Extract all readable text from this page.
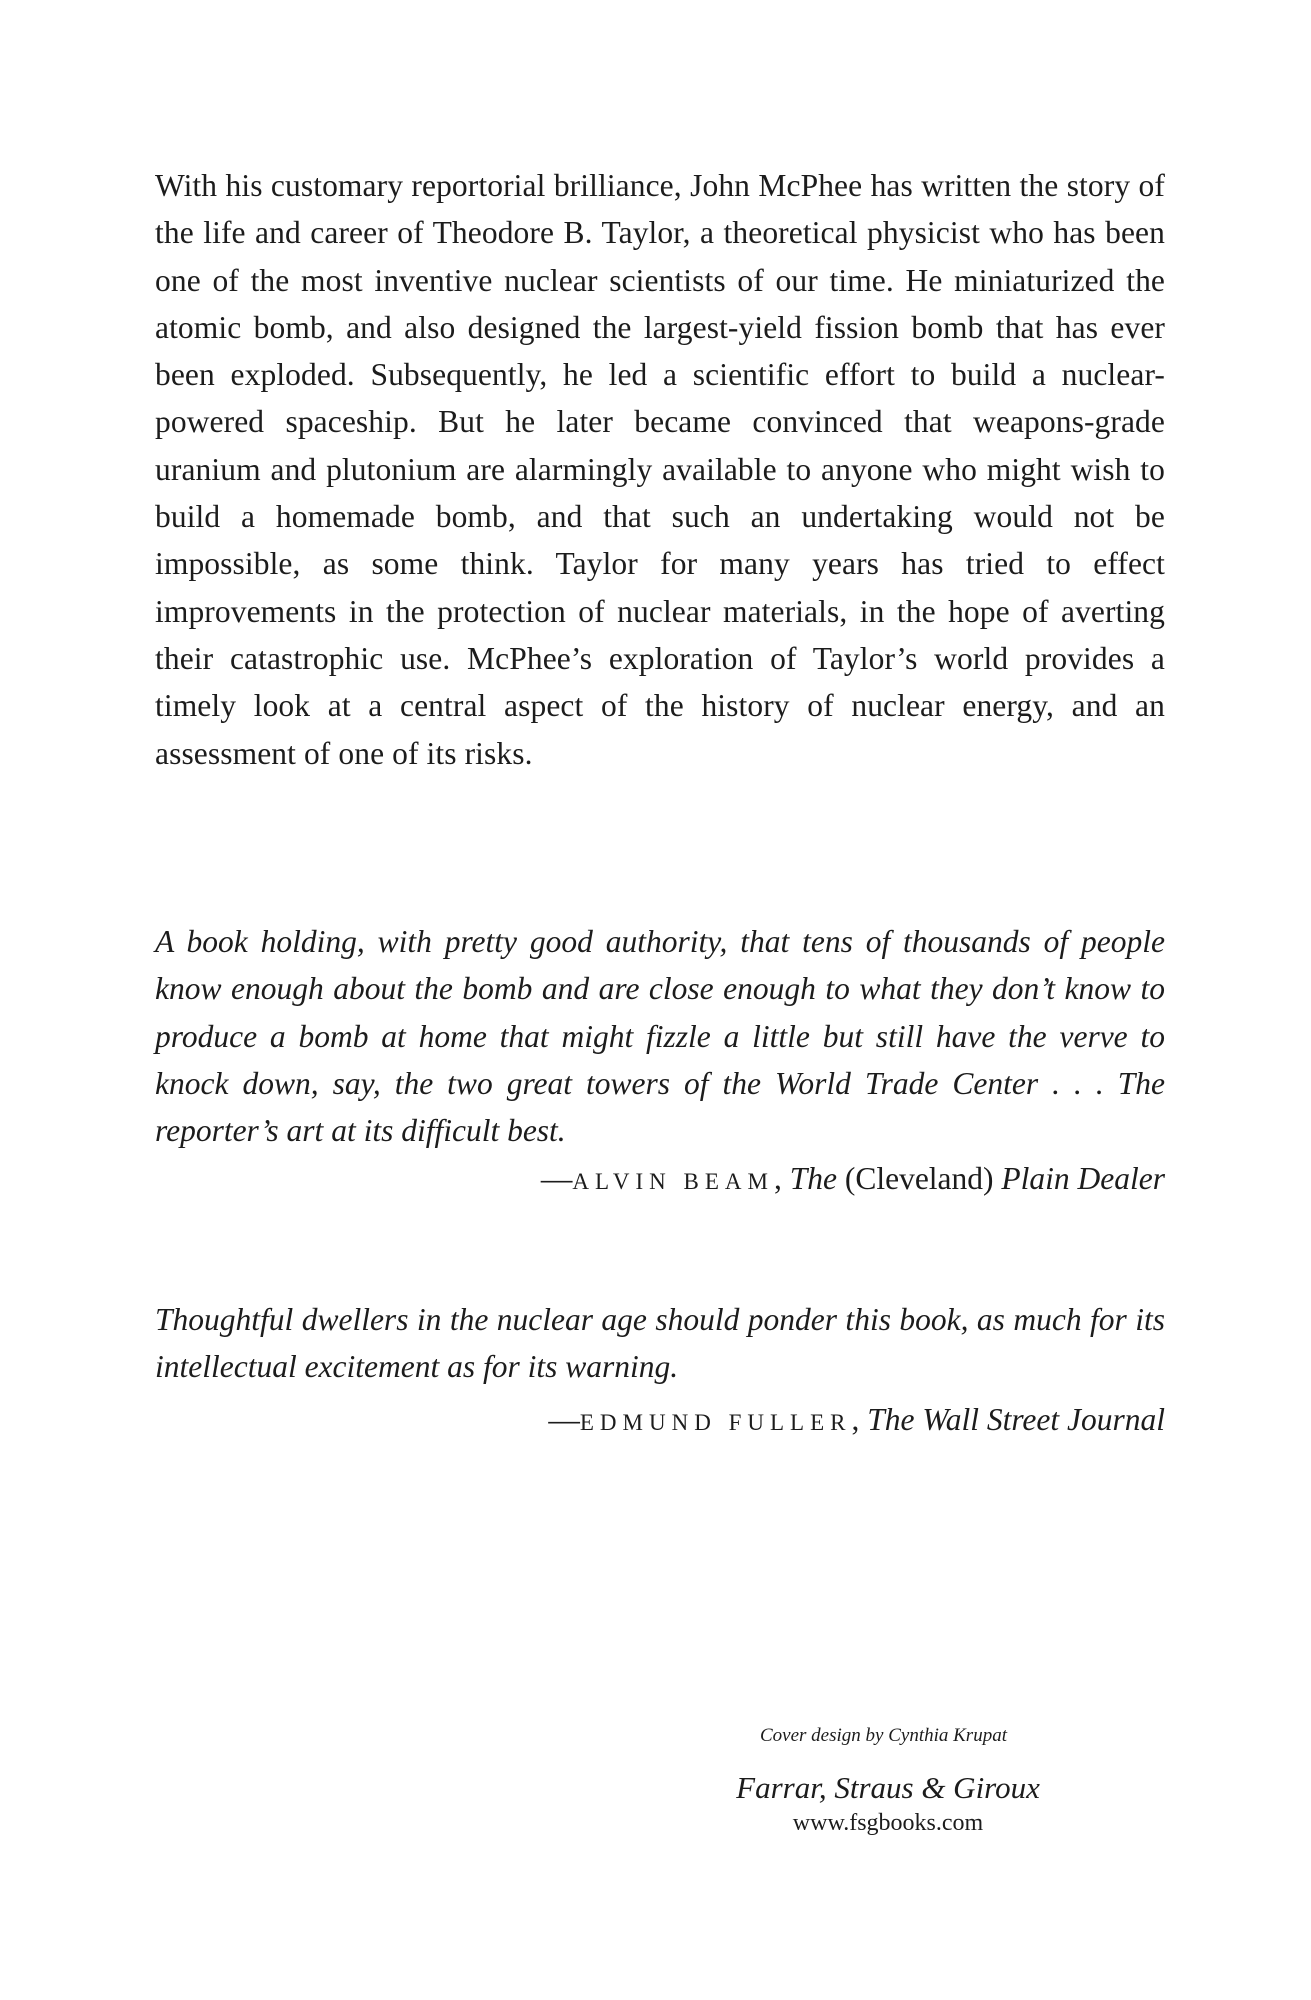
With his customary reportorial brilliance, John McPhee has written the story of the life and career of Theodore B. Taylor, a theoretical physicist who has been one of the most inventive nuclear scientists of our time. He miniaturized the atomic bomb, and also designed the largest-yield fission bomb that has ever been exploded. Subsequently, he led a scientific effort to build a nuclear-powered spaceship. But he later became convinced that weapons-grade uranium and plutonium are alarmingly available to anyone who might wish to build a homemade bomb, and that such an undertaking would not be impossible, as some think. Taylor for many years has tried to effect improvements in the protection of nuclear materials, in the hope of averting their catastrophic use. McPhee’s exploration of Taylor’s world provides a timely look at a central aspect of the history of nuclear energy, and an assessment of one of its risks.

A book holding, with pretty good authority, that tens of thousands of people know enough about the bomb and are close enough to what they don’t know to produce a bomb at home that might fizzle a little but still have the verve to knock down, say, the two great towers of the World Trade Center . . . The reporter’s art at its difficult best.

—ALVIN BEAM, The (Cleveland) Plain Dealer

Thoughtful dwellers in the nuclear age should ponder this book, as much for its intellectual excitement as for its warning.

—EDMUND FULLER, The Wall Street Journal

Cover design by Cynthia Krupat

Farrar, Straus & Giroux
www.fsgbooks.com
